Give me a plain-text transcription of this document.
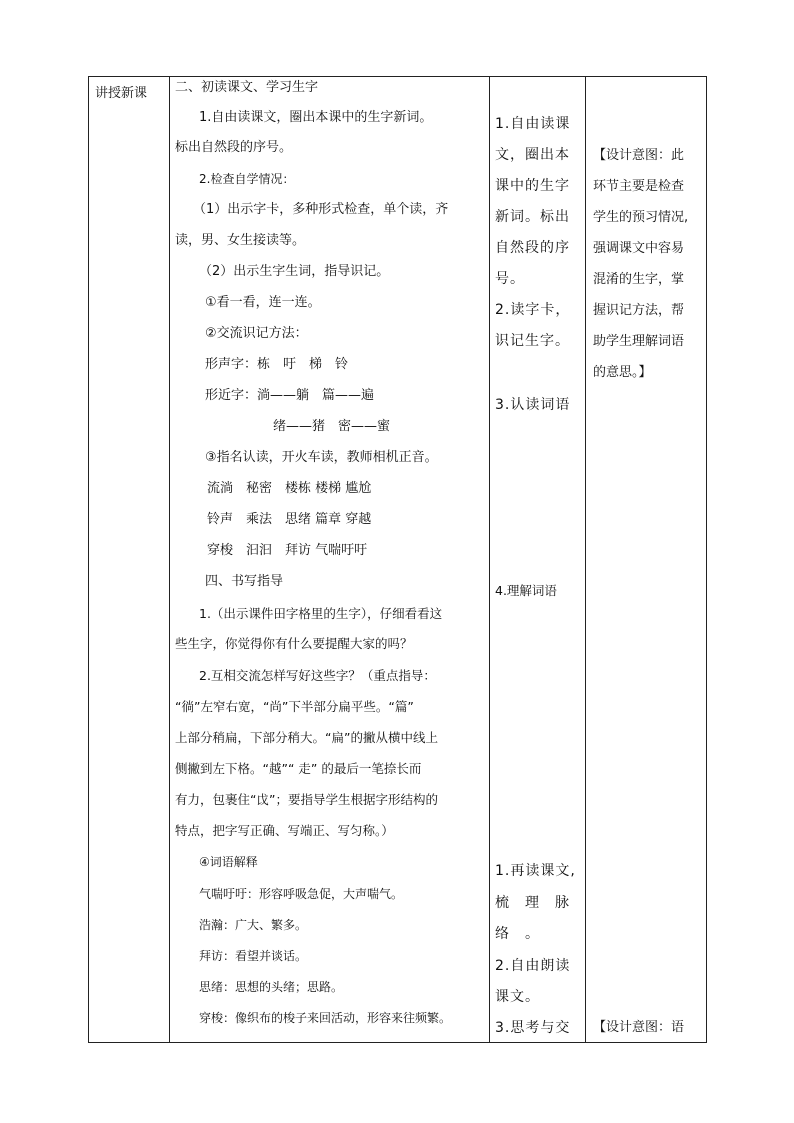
讲授新课	二、初读课文、学习生字
1.自由读课文，圈出本课中的生字新词。
标出自然段的序号。
2.检查自学情况：
（1）出示字卡，多种形式检查，单个读，齐
读，男、女生接读等。
（2）出示生字生词，指导识记。
①看一看，连一连。
②交流识记方法：
形声字：栋　吁　梯　铃
形近字：淌——躺　篇——遍
绪——猪　密——蜜
③指名认读，开火车读，教师相机正音。
流淌　秘密　楼栋 楼梯 尴尬
铃声　乘法　思绪 篇章 穿越
穿梭　汩汩　拜访 气喘吁吁
四、书写指导
1.（出示课件田字格里的生字），仔细看看这
些生字，你觉得你有什么要提醒大家的吗？
2.互相交流怎样写好这些字？（重点指导：
“徜”左窄右宽，“尚”下半部分扁平些。“篇”
上部分稍扁，下部分稍大。“扁”的撇从横中线上
侧撇到左下格。“越”“ 走” 的最后一笔捺长而
有力，包裹住“戉”；要指导学生根据字形结构的
特点，把字写正确、写端正、写匀称。）
④词语解释
气喘吁吁：形容呼吸急促，大声喘气。
浩瀚：广大、繁多。
拜访：看望并谈话。
思绪：思想的头绪；思路。
穿梭：像织布的梭子来回活动，形容来往频繁。
1.自由读课
文，圈出本
课中的生字
新词。标出
自然段的序
号。
2.读字卡，
识记生字。
3.认读词语
4.理解词语
1.再读课文,
梳　理　脉
络　。
2.自由朗读
课文。
3.思考与交
【设计意图：此
环节主要是检查
学生的预习情况,
强调课文中容易
混淆的生字，掌
握识记方法，帮
助学生理解词语
的意思。】
【设计意图：语
